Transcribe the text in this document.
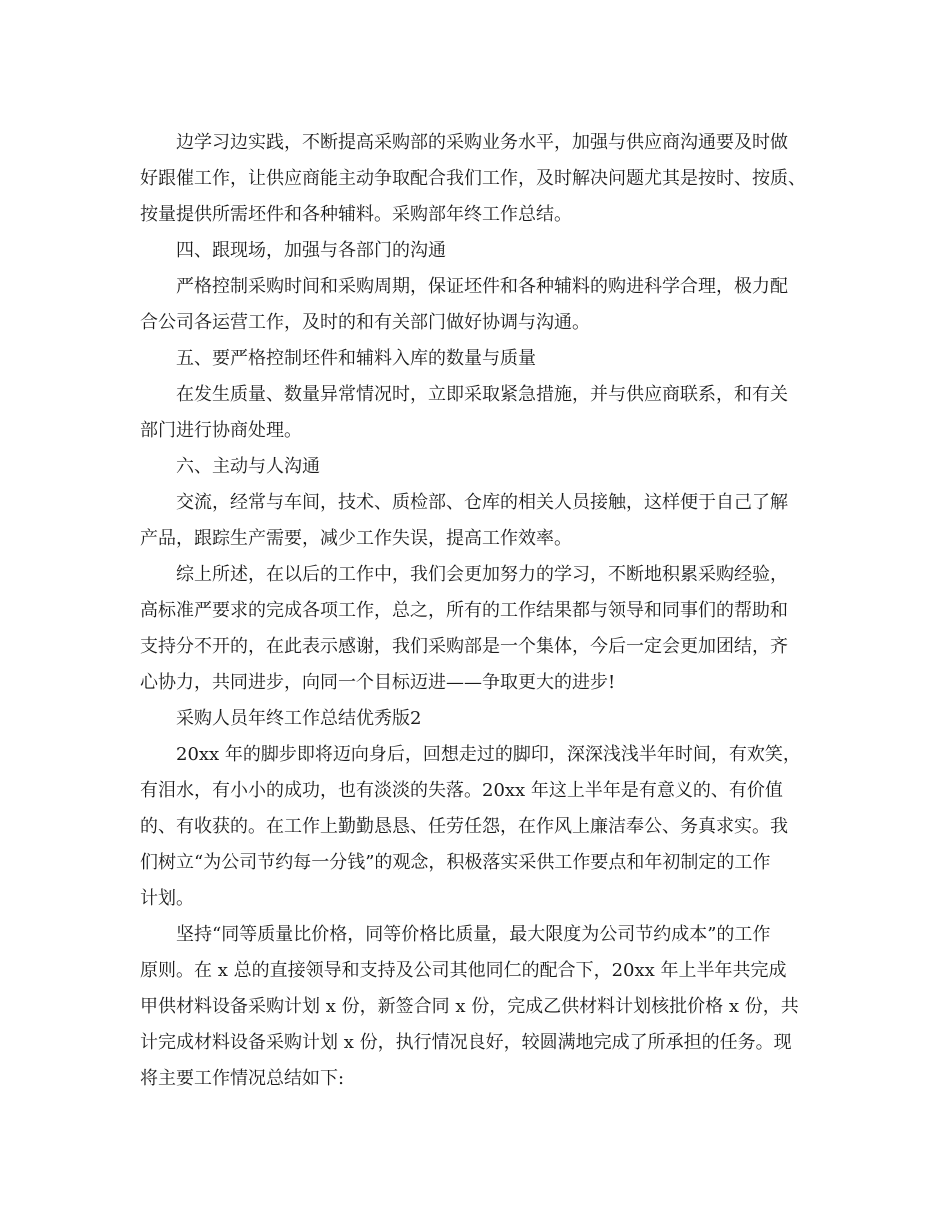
边学习边实践，不断提高采购部的采购业务水平，加强与供应商沟通要及时做
好跟催工作，让供应商能主动争取配合我们工作，及时解决问题尤其是按时、按质、
按量提供所需坯件和各种辅料。采购部年终工作总结。
四、跟现场，加强与各部门的沟通
严格控制采购时间和采购周期，保证坯件和各种辅料的购进科学合理，极力配
合公司各运营工作，及时的和有关部门做好协调与沟通。
五、要严格控制坯件和辅料入库的数量与质量
在发生质量、数量异常情况时，立即采取紧急措施，并与供应商联系，和有关
部门进行协商处理。
六、主动与人沟通
交流，经常与车间，技术、质检部、仓库的相关人员接触，这样便于自己了解
产品，跟踪生产需要，减少工作失误，提高工作效率。
综上所述，在以后的工作中，我们会更加努力的学习，不断地积累采购经验，
高标准严要求的完成各项工作，总之，所有的工作结果都与领导和同事们的帮助和
支持分不开的，在此表示感谢，我们采购部是一个集体，今后一定会更加团结，齐
心协力，共同进步，向同一个目标迈进——争取更大的进步!
采购人员年终工作总结优秀版2
20xx 年的脚步即将迈向身后，回想走过的脚印，深深浅浅半年时间，有欢笑，
有泪水，有小小的成功，也有淡淡的失落。20xx 年这上半年是有意义的、有价值
的、有收获的。在工作上勤勤恳恳、任劳任怨，在作风上廉洁奉公、务真求实。我
们树立“为公司节约每一分钱”的观念，积极落实采供工作要点和年初制定的工作
计划。
坚持“同等质量比价格，同等价格比质量，最大限度为公司节约成本”的工作
原则。在 x 总的直接领导和支持及公司其他同仁的配合下，20xx 年上半年共完成
甲供材料设备采购计划 x 份，新签合同 x 份，完成乙供材料计划核批价格 x 份，共
计完成材料设备采购计划 x 份，执行情况良好，较圆满地完成了所承担的任务。现
将主要工作情况总结如下:
